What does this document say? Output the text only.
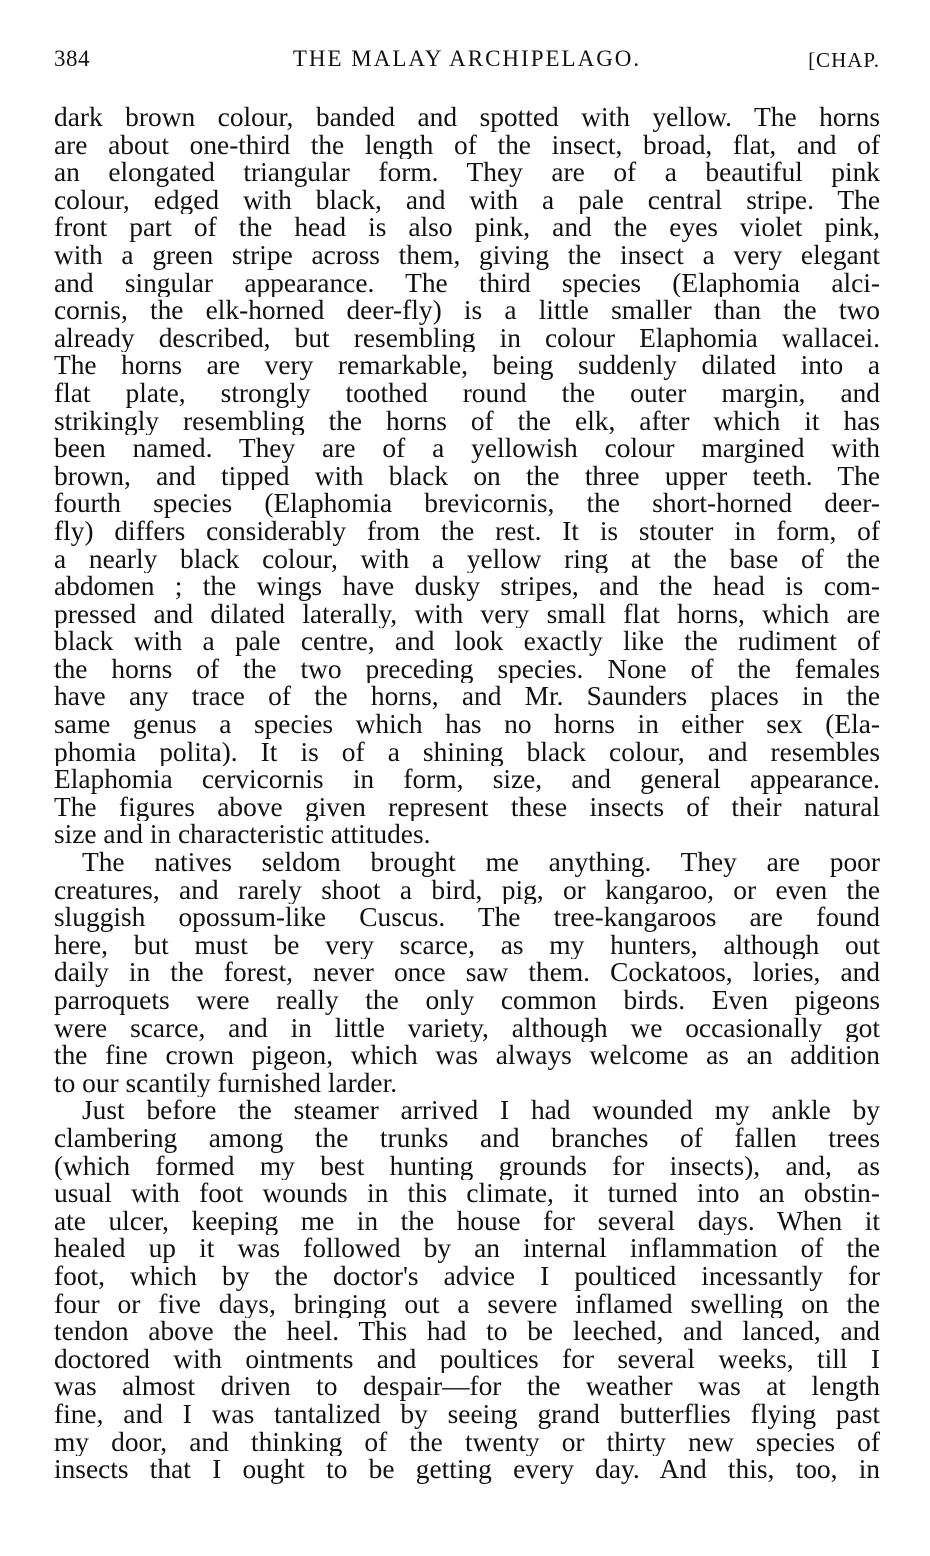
384	THE MALAY ARCHIPELAGO.	[CHAP.
dark brown colour, banded and spotted with yellow. The horns
are about one-third the length of the insect, broad, flat, and of
an elongated triangular form. They are of a beautiful pink
colour, edged with black, and with a pale central stripe. The
front part of the head is also pink, and the eyes violet pink,
with a green stripe across them, giving the insect a very elegant
and singular appearance. The third species (Elaphomia alci-
cornis, the elk-horned deer-fly) is a little smaller than the two
already described, but resembling in colour Elaphomia wallacei.
The horns are very remarkable, being suddenly dilated into a
flat plate, strongly toothed round the outer margin, and
strikingly resembling the horns of the elk, after which it has
been named. They are of a yellowish colour margined with
brown, and tipped with black on the three upper teeth. The
fourth species (Elaphomia brevicornis, the short-horned deer-
fly) differs considerably from the rest. It is stouter in form, of
a nearly black colour, with a yellow ring at the base of the
abdomen ; the wings have dusky stripes, and the head is com-
pressed and dilated laterally, with very small flat horns, which are
black with a pale centre, and look exactly like the rudiment of
the horns of the two preceding species. None of the females
have any trace of the horns, and Mr. Saunders places in the
same genus a species which has no horns in either sex (Ela-
phomia polita). It is of a shining black colour, and resembles
Elaphomia cervicornis in form, size, and general appearance.
The figures above given represent these insects of their natural
size and in characteristic attitudes.
The natives seldom brought me anything. They are poor
creatures, and rarely shoot a bird, pig, or kangaroo, or even the
sluggish opossum-like Cuscus. The tree-kangaroos are found
here, but must be very scarce, as my hunters, although out
daily in the forest, never once saw them. Cockatoos, lories, and
parroquets were really the only common birds. Even pigeons
were scarce, and in little variety, although we occasionally got
the fine crown pigeon, which was always welcome as an addition
to our scantily furnished larder.
Just before the steamer arrived I had wounded my ankle by
clambering among the trunks and branches of fallen trees
(which formed my best hunting grounds for insects), and, as
usual with foot wounds in this climate, it turned into an obstin-
ate ulcer, keeping me in the house for several days. When it
healed up it was followed by an internal inflammation of the
foot, which by the doctor's advice I poulticed incessantly for
four or five days, bringing out a severe inflamed swelling on the
tendon above the heel. This had to be leeched, and lanced, and
doctored with ointments and poultices for several weeks, till I
was almost driven to despair—for the weather was at length
fine, and I was tantalized by seeing grand butterflies flying past
my door, and thinking of the twenty or thirty new species of
insects that I ought to be getting every day. And this, too, in
